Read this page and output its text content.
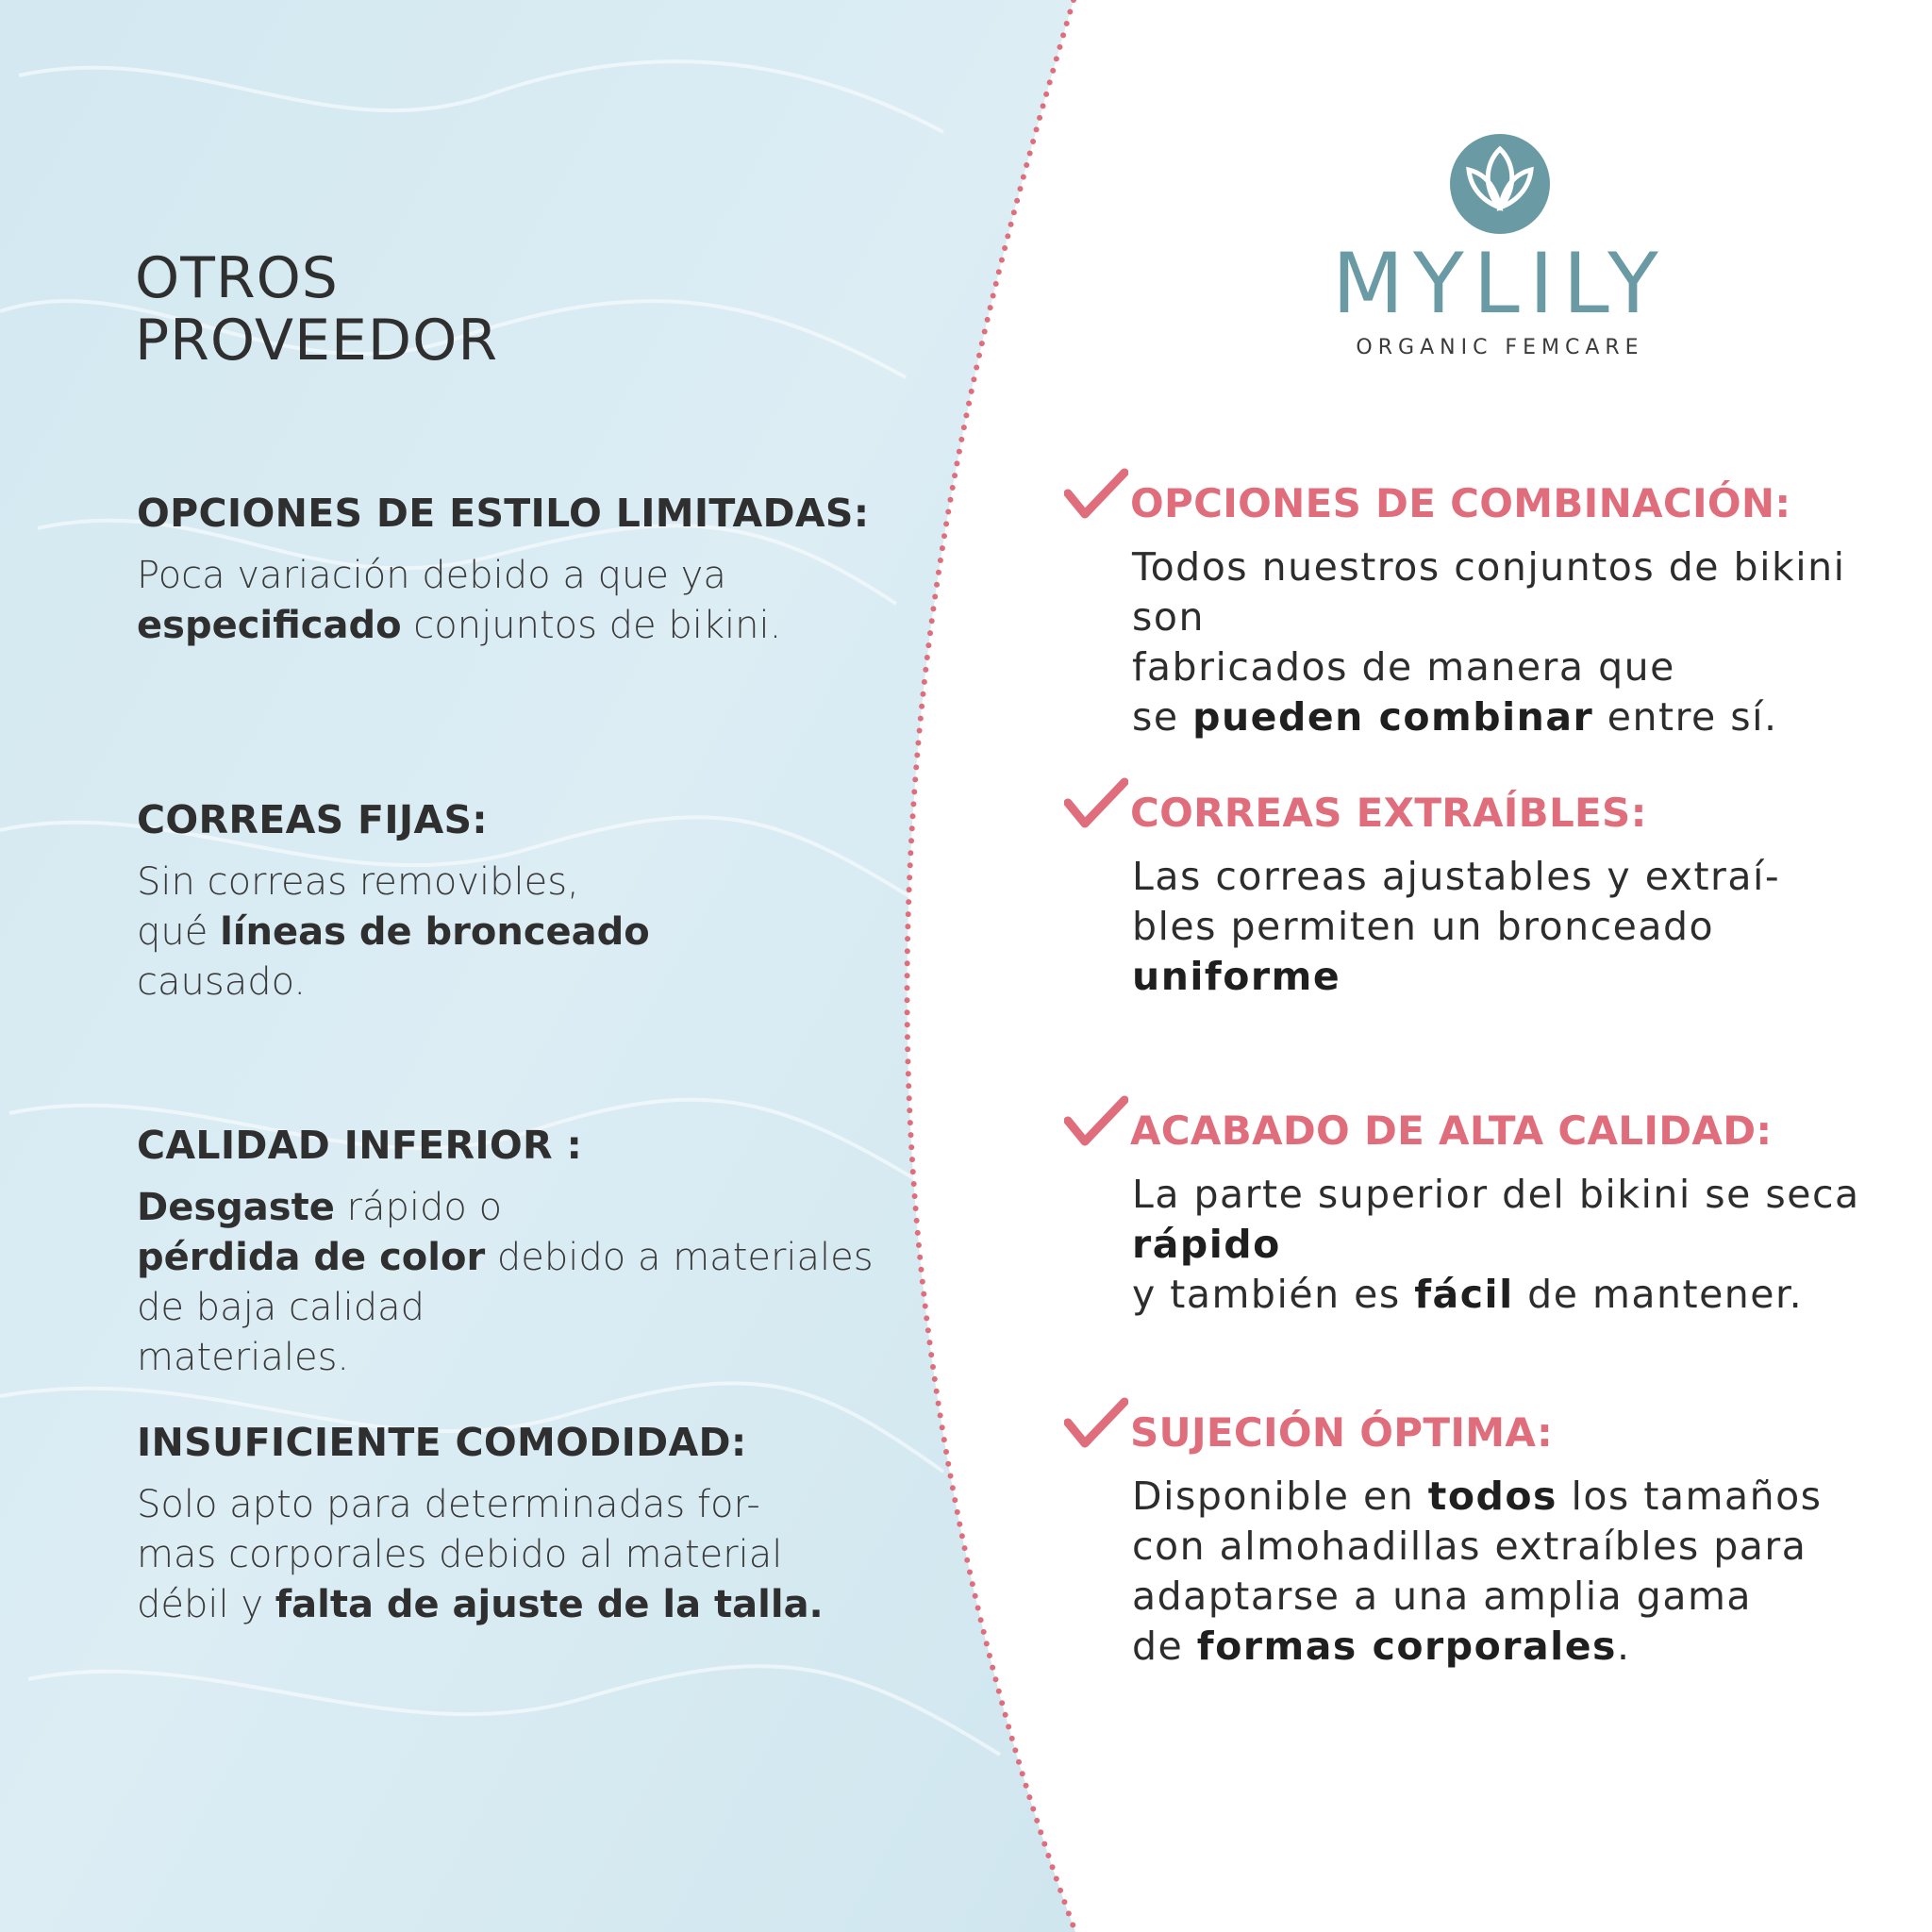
OTROS
PROVEEDOR
OPCIONES DE ESTILO LIMITADAS:
Poca variación debido a que ya
especificado conjuntos de bikini.
CORREAS FIJAS:
Sin correas removibles,
qué líneas de bronceado
causado.
CALIDAD INFERIOR :
Desgaste rápido o
pérdida de color debido a materiales
de baja calidad
materiales.
INSUFICIENTE COMODIDAD:
Solo apto para determinadas for-
mas corporales debido al material
débil y falta de ajuste de la talla.
MYLILY
ORGANIC FEMCARE
OPCIONES DE COMBINACIÓN:
Todos nuestros conjuntos de bikini
son
fabricados de manera que
se pueden combinar entre sí.
CORREAS EXTRAÍBLES:
Las correas ajustables y extraí-
bles permiten un bronceado
uniforme
ACABADO DE ALTA CALIDAD:
La parte superior del bikini se seca
rápido
y también es fácil de mantener.
SUJECIÓN ÓPTIMA:
Disponible en todos los tamaños
con almohadillas extraíbles para
adaptarse a una amplia gama
de formas corporales.
